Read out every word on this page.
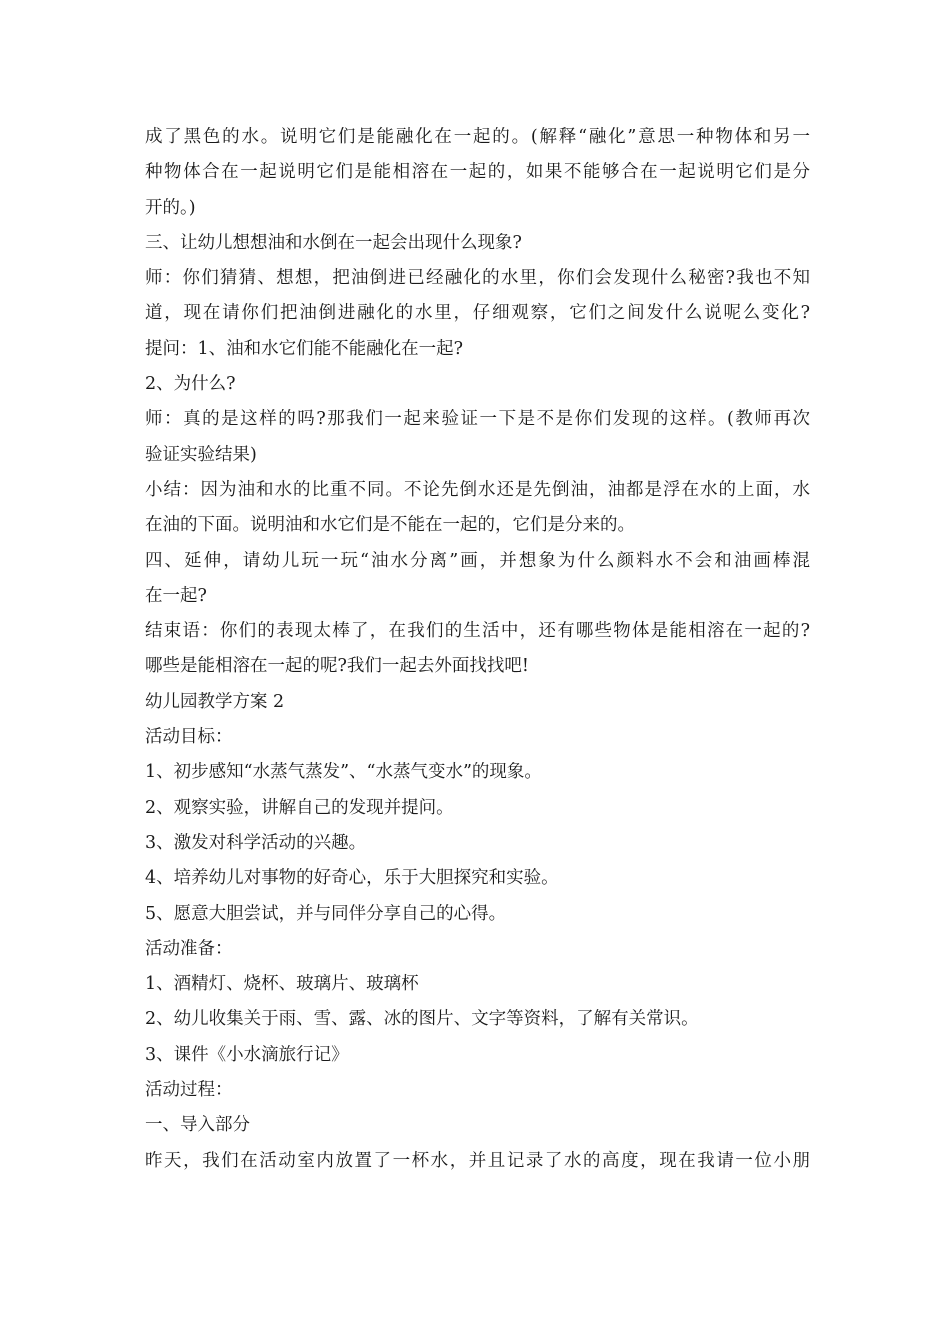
成了黑色的水。说明它们是能融化在一起的。(解释“融化”意思一种物体和另一
种物体合在一起说明它们是能相溶在一起的，如果不能够合在一起说明它们是分
开的。)
三、让幼儿想想油和水倒在一起会出现什么现象?
师：你们猜猜、想想，把油倒进已经融化的水里，你们会发现什么秘密?我也不知
道，现在请你们把油倒进融化的水里，仔细观察，它们之间发什么说呢么变化?
提问：1、油和水它们能不能融化在一起?
2、为什么?
师：真的是这样的吗?那我们一起来验证一下是不是你们发现的这样。(教师再次
验证实验结果)
小结：因为油和水的比重不同。不论先倒水还是先倒油，油都是浮在水的上面，水
在油的下面。说明油和水它们是不能在一起的，它们是分来的。
四、延伸，请幼儿玩一玩“油水分离”画，并想象为什么颜料水不会和油画棒混
在一起?
结束语：你们的表现太棒了，在我们的生活中，还有哪些物体是能相溶在一起的?
哪些是能相溶在一起的呢?我们一起去外面找找吧!
幼儿园教学方案 2
活动目标：
1、初步感知“水蒸气蒸发”、“水蒸气变水”的现象。
2、观察实验，讲解自己的发现并提问。
3、激发对科学活动的兴趣。
4、培养幼儿对事物的好奇心，乐于大胆探究和实验。
5、愿意大胆尝试，并与同伴分享自己的心得。
活动准备：
1、酒精灯、烧杯、玻璃片、玻璃杯
2、幼儿收集关于雨、雪、露、冰的图片、文字等资料，了解有关常识。
3、课件《小水滴旅行记》
活动过程：
一、导入部分
昨天，我们在活动室内放置了一杯水，并且记录了水的高度，现在我请一位小朋
